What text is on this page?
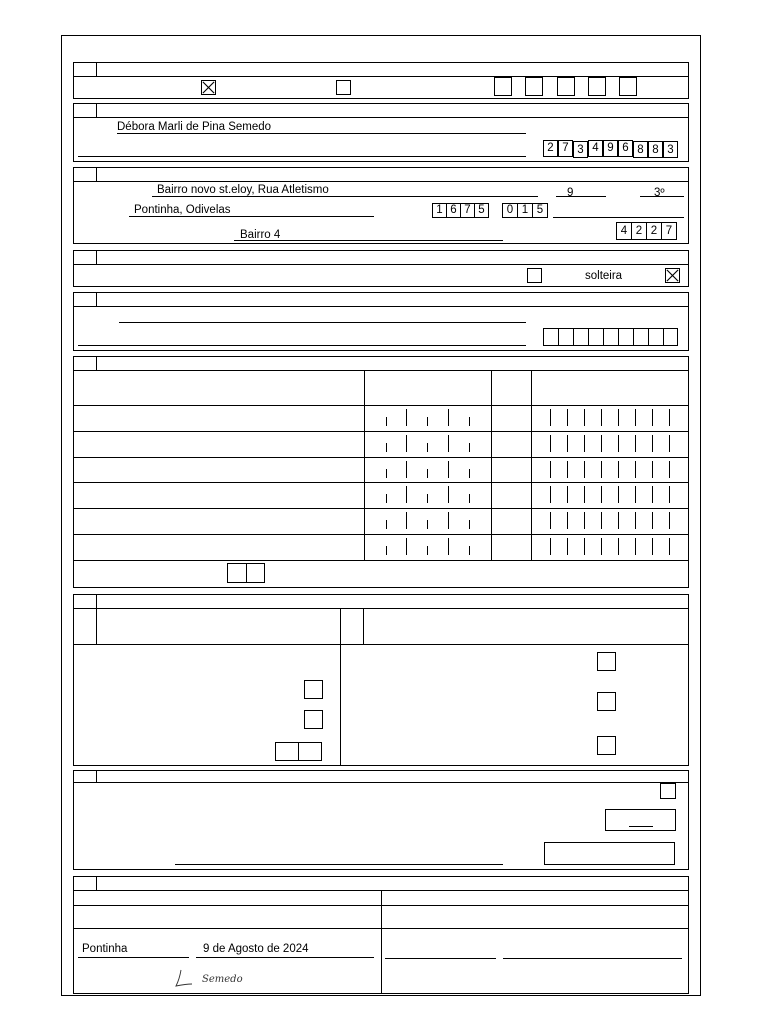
Débora Marli de Pina Semedo
2 7 3 4 9 6 8 8 3
Bairro novo st.eloy, Rua Atletismo	9	3º
Pontinha, Odivelas	1 6 7 5	0 1 5
Bairro 4	4 2 2 7
solteira
Pontinha	9 de Agosto de 2024
Semedo
